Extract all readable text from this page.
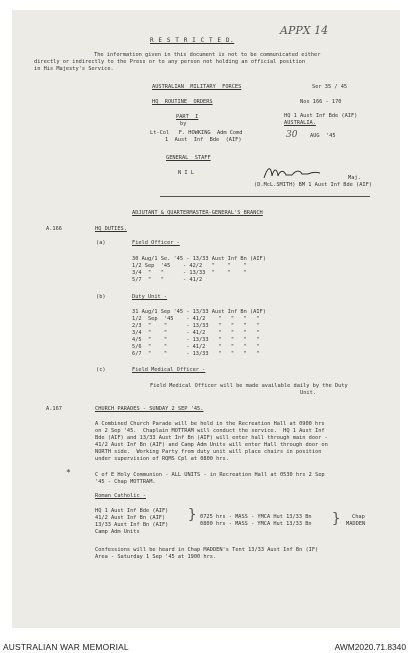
R E S T R I C T E D.
APPX 14
The information given in this document is not to be communicated either
directly or indirectly to the Press or to any person not holding an official position
in His Majesty's Service.
AUSTRALIAN  MILITARY  FORCES
HQ  ROUTINE  ORDERS
PART  I
by
Lt-Col   F. HOWKING  Adm Comd
1  Aust  Inf  Bde  (AIF)
Ser 35 / 45
Nos 166 - 170
HQ 1 Aust Inf Bde (AIF)
AUSTRALIA.
30 AUG  '45
GENERAL  STAFF
N I L
Maj.
(D.McL.SMITH) BM 1 Aust Inf Bde (AIF)
ADJUTANT & QUARTERMASTER-GENERAL'S BRANCH
A.166	HQ DUTIES.
(a)	Field Officer -
30 Aug/1 Se. '45 - 13/33 Aust Inf Bn (AIF)
1/2 Sep  '45    - 42/2   "    "    "
3/4  "   "      - 13/33  "    "    "
5/7  "   "      - 41/2
(b)	Duty Unit -
31 Aug/1 Sep '45 - 13/33 Aust Inf Bn (AIF)
1/2  Sep  '45    - 41/2    "   "   "   "
2/3  "    "      - 13/33   "   "   "   "
3/4  "    "      - 41/2    "   "   "   "
4/5  "    "      - 13/33   "   "   "   "
5/6  "    "      - 41/2    "   "   "   "
6/7  "    "      - 13/33   "   "   "   "
(c)	Field Medical Officer -
Field Medical Officer will be made available daily by the Duty
Unit.
A.167	CHURCH PARADES - SUNDAY 2 SEP '45.
A Combined Church Parade will be held in the Recreation Hall at 0900 hrs
on 2 Sep '45.  Chaplain MOTTRAM will conduct the service.  HQ 1 Aust Inf
Bde (AIF) and 13/33 Aust Inf Bn (AIF) will enter hall through main door -
41/2 Aust Inf Bn (AIF) and Camp Adm Units will enter Hall through door on
NORTH side.  Working Party from duty unit will place chairs in position
under supervision of RQMS Cpl at 0800 hrs.
*	C of E Holy Communion - ALL UNITS - in Recreation Hall at 0530 hrs 2 Sep
'45 - Chap MOTTRAM.
Roman Catholic -
HQ 1 Aust Inf Bde (AIF)
41/2 Aust Inf Bn (AIF)
13/33 Aust Inf Bn (AIF)
Camp Adm Units
} 0725 hrs - MASS - YMCA Hut 13/33 Bn
0800 hrs - MASS - YMCA Hut 13/33 Bn } Chap
MADDEN
Confessions will be heard in Chap MADDEN's Tent 13/33 Aust Inf Bn (IF)
Area - Saturday 1 Sep '45 at 1900 hrs.
AUSTRALIAN WAR MEMORIAL	AWM2020.71.8340
